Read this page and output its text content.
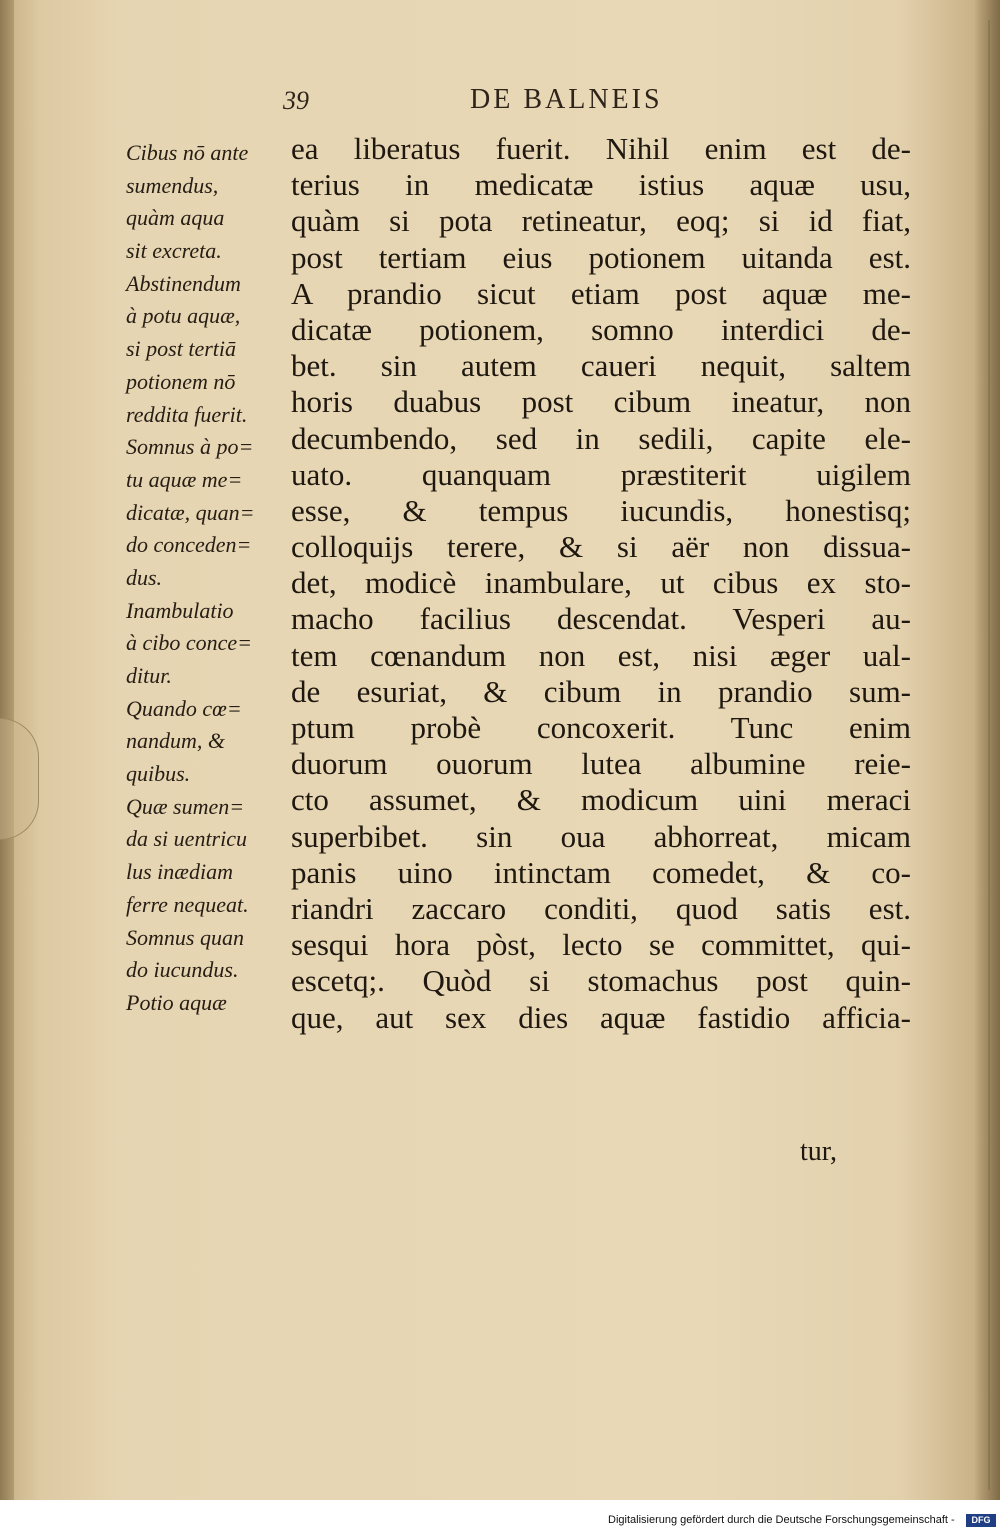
39	DE BALNEIS
Cibus nō ante
sumendus,
quàm aqua
sit excreta.
Abstinendum
à potu aquæ,
si post tertiā
potionem nō
reddita fuerit.
Somnus à po=
tu aquæ me=
dicatæ, quan=
do conceden=
dus.
Inambulatio
à cibo conce=
ditur.
Quando cœ=
nandum, &
quibus.
Quæ sumen=
da si uentricu
lus inædiam
ferre nequeat.
Somnus quan
do iucundus.
Potio aquæ
ea liberatus fuerit. Nihil enim est de-
terius in medicatæ istius aquæ usu,
quàm si pota retineatur, eoq; si id fiat,
post tertiam eius potionem uitanda est.
A prandio sicut etiam post aquæ me-
dicatæ potionem, somno interdici de-
bet. sin autem caueri nequit, saltem
horis duabus post cibum ineatur, non
decumbendo, sed in sedili, capite ele-
uato. quanquam præstiterit uigilem
esse, & tempus iucundis, honestisq;
colloquijs terere, & si aër non dissua-
det, modicè inambulare, ut cibus ex sto-
macho facilius descendat. Vesperi au-
tem cœnandum non est, nisi æger ual-
de esuriat, & cibum in prandio sum-
ptum probè concoxerit. Tunc enim
duorum ouorum lutea albumine reie-
cto assumet, & modicum uini meraci
superbibet. sin oua abhorreat, micam
panis uino intinctam comedet, & co-
riandri zaccaro conditi, quod satis est.
sesqui hora pòst, lecto se committet, qui-
escetq;. Quòd si stomachus post quin-
que, aut sex dies aquæ fastidio afficia-
tur,
Digitalisierung gefördert durch die Deutsche Forschungsgemeinschaft -	DFG
